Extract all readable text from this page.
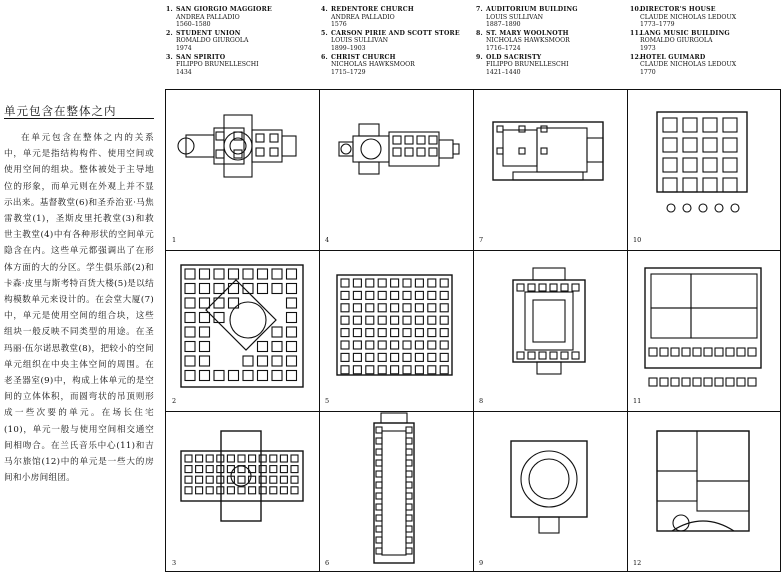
1. SAN GIORGIO MAGGIORE
ANDREA PALLADIO
1560–1580
2. STUDENT UNION
ROMALDO GIURGOLA
1974
3. SAN SPIRITO
FILIPPO BRUNELLESCHI
1434
4. REDENTORE CHURCH
ANDREA PALLADIO
1576
5. CARSON PIRIE AND SCOTT STORE
LOUIS SULLIVAN
1899–1903
6. CHRIST CHURCH
NICHOLAS HAWKSMOOR
1715–1729
7. AUDITORIUM BUILDING
LOUIS SULLIVAN
1887–1890
8. ST. MARY WOOLNOTH
NICHOLAS HAWKSMOOR
1716–1724
9. OLD SACRISTY
FILIPPO BRUNELLESCHI
1421–1440
10.DIRECTOR'S HOUSE
CLAUDE NICHOLAS LEDOUX
1773–1779
11.LANG MUSIC BUILDING
ROMALDO GIURGOLA
1973
12.HOTEL GUIMARD
CLAUDE NICHOLAS LEDOUX
1770
单元包含在整体之内

在单元包含在整体之内的关系中，单元是指结构构件、使用空间或使用空间的组块。整体被处于主导地位的形象，而单元则在外观上并不显示出来。基督教堂(6)和圣乔治亚·马焦雷教堂(1)，圣斯皮里托教堂(3)和救世主教堂(4)中有各种形状的空间单元隐含在内。这些单元都强调出了在形体方面的大的分区。学生俱乐部(2)和卡森·皮里与斯考特百货大楼(5)是以结构模数单元来设计的。在会堂大厦(7)中，单元是使用空间的组合块，这些组块一般反映不同类型的用途。在圣玛丽·伍尔诺思教堂(8)，把较小的空间单元组织在中央主体空间的周围。在老圣器室(9)中，构成上体单元的是空间的立体体积，而圆弯状的吊顶则形成一些次要的单元。在场长住宅(10)，单元一般与使用空间相交通空间相吻合。在兰氏音乐中心(11)和吉马尔旅馆(12)中的单元是一些大的房间和小房间组团。

1	4	7	10
2	5	8	11
3	6	9	12
